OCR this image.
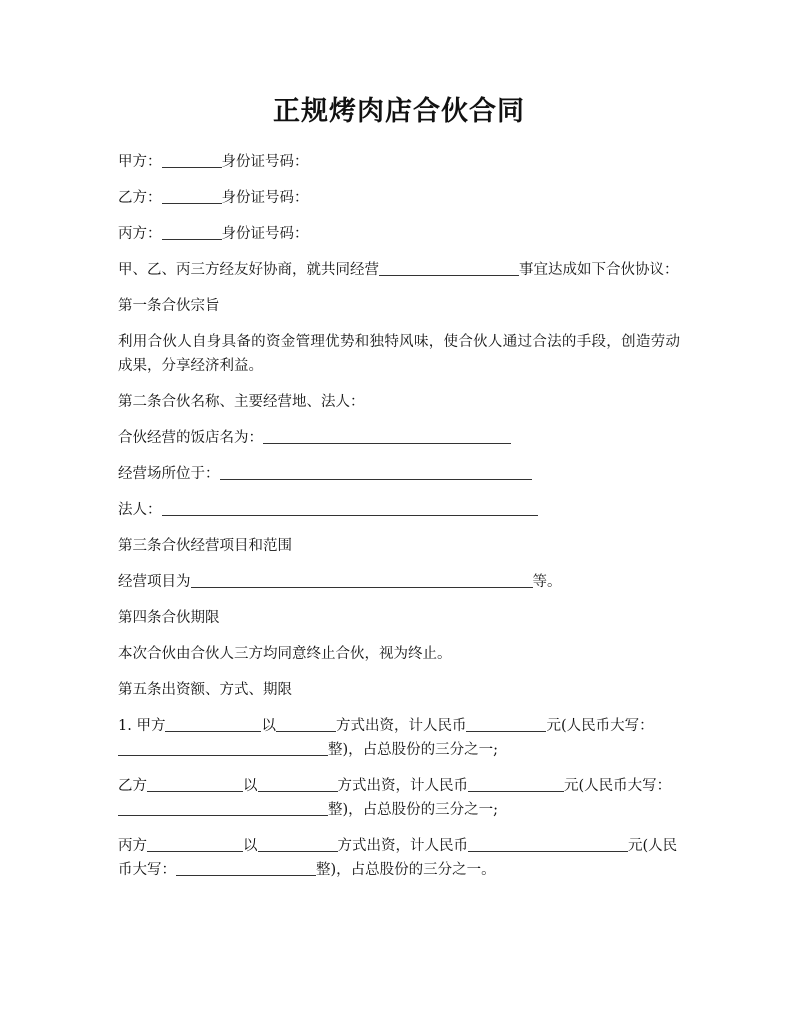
正规烤肉店合伙合同
甲方：	身份证号码：
乙方：	身份证号码：
丙方：	身份证号码：
甲、乙、丙三方经友好协商，就共同经营	事宜达成如下合伙协议：
第一条合伙宗旨
利用合伙人自身具备的资金管理优势和独特风味，使合伙人通过合法的手段，创造劳动成果，分享经济利益。
第二条合伙名称、主要经营地、法人：
合伙经营的饭店名为：
经营场所位于：
法人：
第三条合伙经营项目和范围
经营项目为	等。
第四条合伙期限
本次合伙由合伙人三方均同意终止合伙，视为终止。
第五条出资额、方式、期限
1. 甲方	以	方式出资，计人民币	元(人民币大写：整)，占总股份的三分之一;
乙方	以	方式出资，计人民币	元(人民币大写：整)，占总股份的三分之一;
丙方	以	方式出资，计人民币	元(人民币大写：	整)，占总股份的三分之一。
